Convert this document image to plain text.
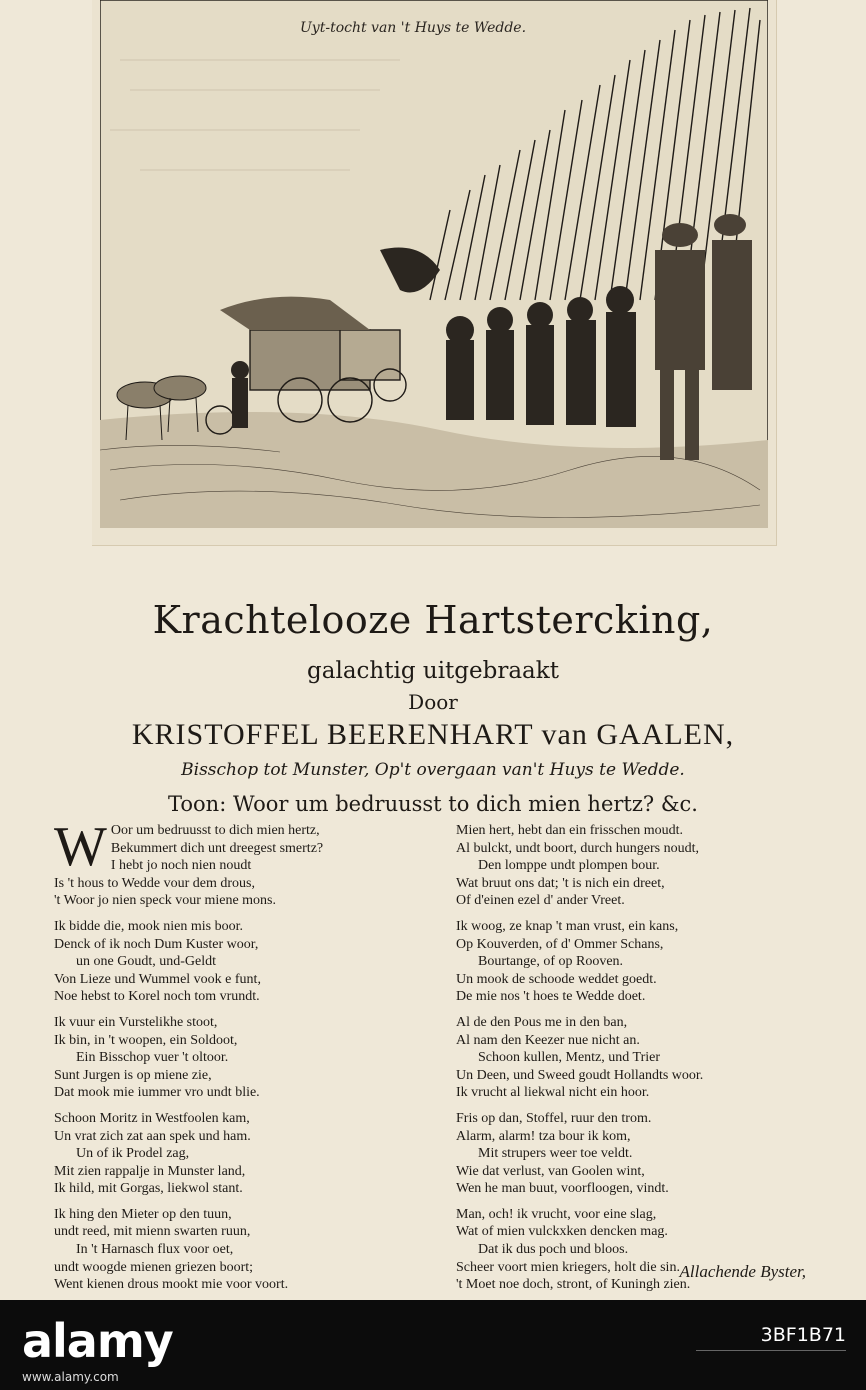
Uyt-tocht van 't Huys te Wedde.
Krachtelooze Hartstercking,
galachtig uitgebraakt
Door
KRISTOFFEL BEERENHART van GAALEN,
Bisschop tot Munster, Op't overgaan van't Huys te Wedde.
Toon: Woor um bedruusst to dich mien hertz? &c.
W Oor um bedruusst to dich mien hertz,
Bekummert dich unt dreegest smertz?
I hebt jo noch nien noudt
Is 't hous to Wedde vour dem drous,
't Woor jo nien speck vour miene mons.
Ik bidde die, mook nien mis boor.
Denck of ik noch Dum Kuster woor,
un one Goudt, und-Geldt
Von Lieze und Wummel vook e funt,
Noe hebst to Korel noch tom vrundt.
Ik vuur ein Vurstelikhe stoot,
Ik bin, in 't woopen, ein Soldoot,
Ein Bisschop vuer 't oltoor.
Sunt Jurgen is op miene zie,
Dat mook mie iummer vro undt blie.
Schoon Moritz in Westfoolen kam,
Un vrat zich zat aan spek und ham.
Un of ik Prodel zag,
Mit zien rappalje in Munster land,
Ik hild, mit Gorgas, liekwol stant.
Ik hing den Mieter op den tuun,
undt reed, mit mienn swarten ruun,
In 't Harnasch flux voor oet,
undt woogde mienen griezen boort;
Went kienen drous mookt mie voor voort.
Mien hert, hebt dan ein frisschen moudt.
Al bulckt, undt boort, durch hungers noudt,
Den lomppe undt plompen bour.
Wat bruut ons dat; 't is nich ein dreet,
Of d'einen ezel d' ander Vreet.
Ik woog, ze knap 't man vrust, ein kans,
Op Kouverden, of d' Ommer Schans,
Bourtange, of op Rooven.
Un mook de schoode weddet goedt.
De mie nos 't hoes te Wedde doet.
Al de den Pous me in den ban,
Al nam den Keezer nue nicht an.
Schoon kullen, Mentz, und Trier
Un Deen, und Sweed goudt Hollandts woor.
Ik vrucht al liekwal nicht ein hoor.
Fris op dan, Stoffel, ruur den trom.
Alarm, alarm! tza bour ik kom,
Mit strupers weer toe veldt.
Wie dat verlust, van Goolen wint,
Wen he man buut, voorfloogen, vindt.
Man, och! ik vrucht, voor eine slag,
Wat of mien vulckxken dencken mag.
Dat ik dus poch und bloos.
Scheer voort mien kriegers, holt die sin.
't Moet noe doch, stront, of Kuningh zien.
Allachende Byster,
alamy
www.alamy.com
3BF1B71
